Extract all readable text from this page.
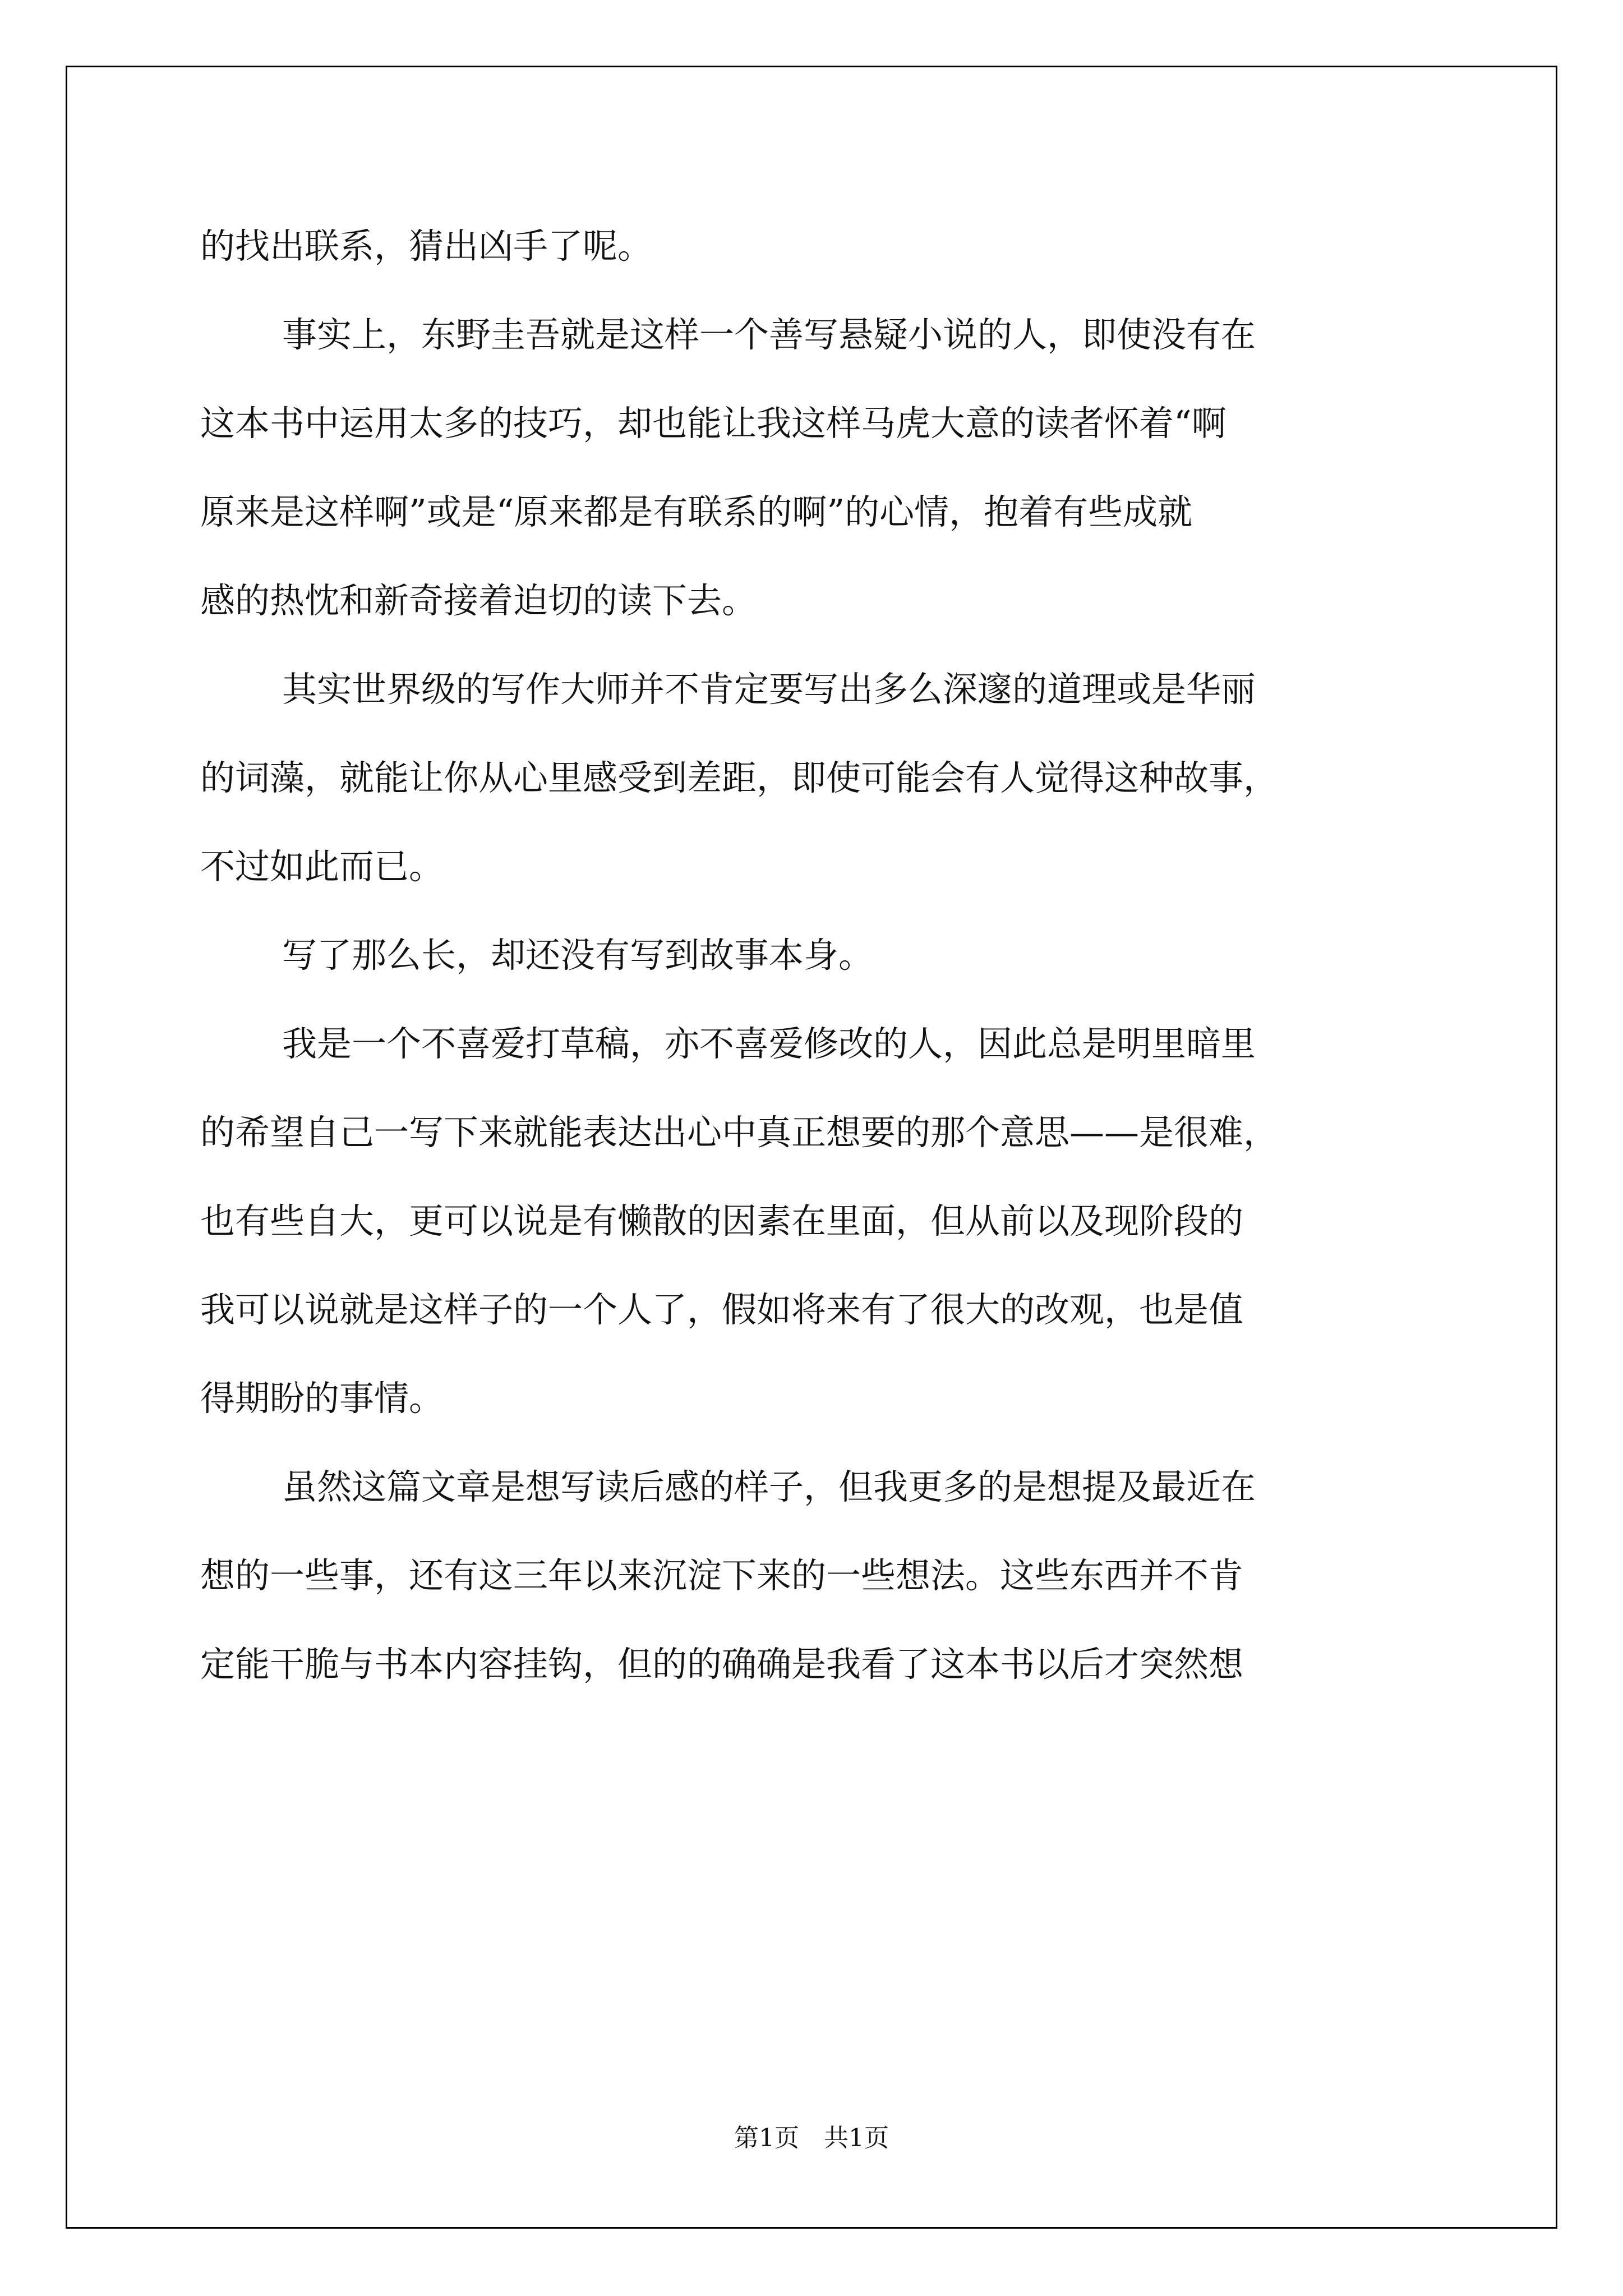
的找出联系，猜出凶手了呢。
事实上，东野圭吾就是这样一个善写悬疑小说的人，即使没有在
这本书中运用太多的技巧，却也能让我这样马虎大意的读者怀着“啊
原来是这样啊”或是“原来都是有联系的啊”的心情，抱着有些成就
感的热忱和新奇接着迫切的读下去。
其实世界级的写作大师并不肯定要写出多么深邃的道理或是华丽
的词藻，就能让你从心里感受到差距，即使可能会有人觉得这种故事，
不过如此而已。
写了那么长，却还没有写到故事本身。
我是一个不喜爱打草稿，亦不喜爱修改的人，因此总是明里暗里
的希望自己一写下来就能表达出心中真正想要的那个意思——是很难，
也有些自大，更可以说是有懒散的因素在里面，但从前以及现阶段的
我可以说就是这样子的一个人了，假如将来有了很大的改观，也是值
得期盼的事情。
虽然这篇文章是想写读后感的样子，但我更多的是想提及最近在
想的一些事，还有这三年以来沉淀下来的一些想法。这些东西并不肯
定能干脆与书本内容挂钩，但的的确确是我看了这本书以后才突然想
第1页　共1页
